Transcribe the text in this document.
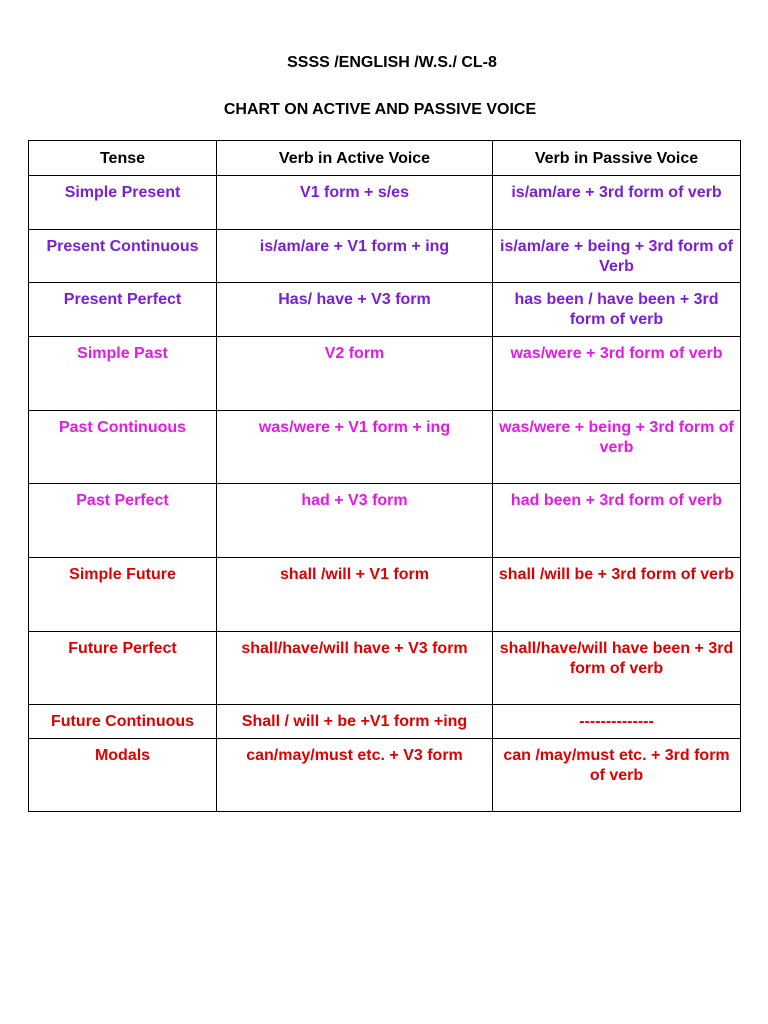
SSSS /ENGLISH /W.S./ CL-8
CHART ON ACTIVE AND PASSIVE VOICE
Tense	Verb in Active Voice	Verb in Passive Voice
Simple Present	V1 form + s/es	is/am/are + 3rd form of verb
Present Continuous	is/am/are + V1 form + ing	is/am/are + being + 3rd form of Verb
Present Perfect	Has/ have + V3 form	has been / have been + 3rd form of verb
Simple Past	V2 form	was/were + 3rd form of verb
Past Continuous	was/were + V1 form + ing	was/were + being + 3rd form of verb
Past Perfect	had + V3 form	had been + 3rd form of verb
Simple Future	shall /will + V1 form	shall /will be + 3rd form of verb
Future Perfect	shall/have/will have + V3 form	shall/have/will have been + 3rd form of verb
Future Continuous	Shall / will + be +V1 form +ing	--------------
Modals	can/may/must etc. + V3 form	can /may/must etc. + 3rd form of verb
